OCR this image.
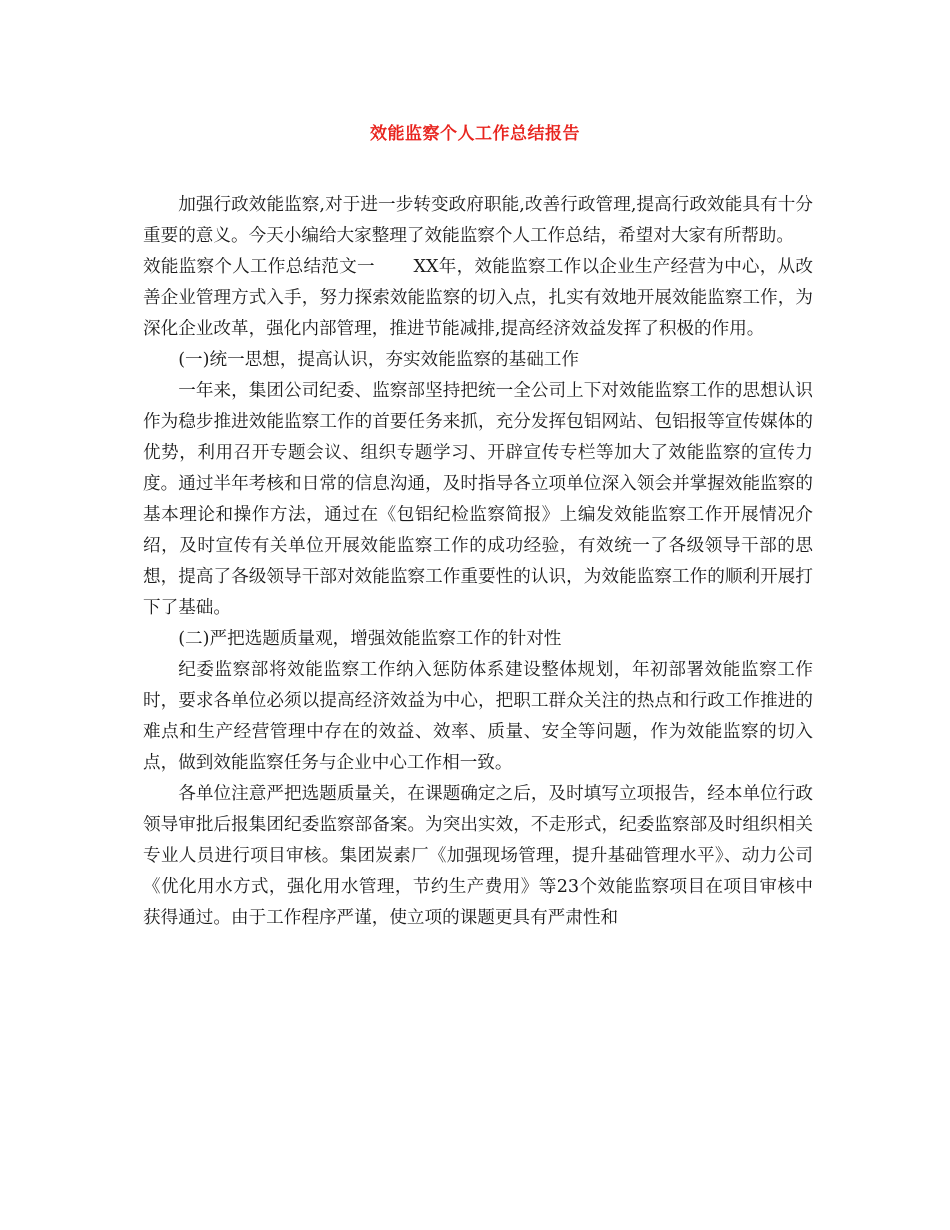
效能监察个人工作总结报告

加强行政效能监察,对于进一步转变政府职能,改善行政管理,提高行政效能具有十分重要的意义。今天小编给大家整理了效能监察个人工作总结，希望对大家有所帮助。

效能监察个人工作总结范文一 XX年，效能监察工作以企业生产经营为中心，从改善企业管理方式入手，努力探索效能监察的切入点，扎实有效地开展效能监察工作，为深化企业改革，强化内部管理，推进节能减排,提高经济效益发挥了积极的作用。

(一)统一思想，提高认识，夯实效能监察的基础工作

一年来，集团公司纪委、监察部坚持把统一全公司上下对效能监察工作的思想认识作为稳步推进效能监察工作的首要任务来抓，充分发挥包铝网站、包铝报等宣传媒体的优势，利用召开专题会议、组织专题学习、开辟宣传专栏等加大了效能监察的宣传力度。通过半年考核和日常的信息沟通，及时指导各立项单位深入领会并掌握效能监察的基本理论和操作方法，通过在《包铝纪检监察简报》上编发效能监察工作开展情况介绍，及时宣传有关单位开展效能监察工作的成功经验，有效统一了各级领导干部的思想，提高了各级领导干部对效能监察工作重要性的认识，为效能监察工作的顺利开展打下了基础。

(二)严把选题质量观，增强效能监察工作的针对性

纪委监察部将效能监察工作纳入惩防体系建设整体规划，年初部署效能监察工作时，要求各单位必须以提高经济效益为中心，把职工群众关注的热点和行政工作推进的难点和生产经营管理中存在的效益、效率、质量、安全等问题，作为效能监察的切入点，做到效能监察任务与企业中心工作相一致。

各单位注意严把选题质量关，在课题确定之后，及时填写立项报告，经本单位行政领导审批后报集团纪委监察部备案。为突出实效，不走形式，纪委监察部及时组织相关专业人员进行项目审核。集团炭素厂《加强现场管理，提升基础管理水平》、动力公司《优化用水方式，强化用水管理，节约生产费用》等23个效能监察项目在项目审核中获得通过。由于工作程序严谨，使立项的课题更具有严肃性和
